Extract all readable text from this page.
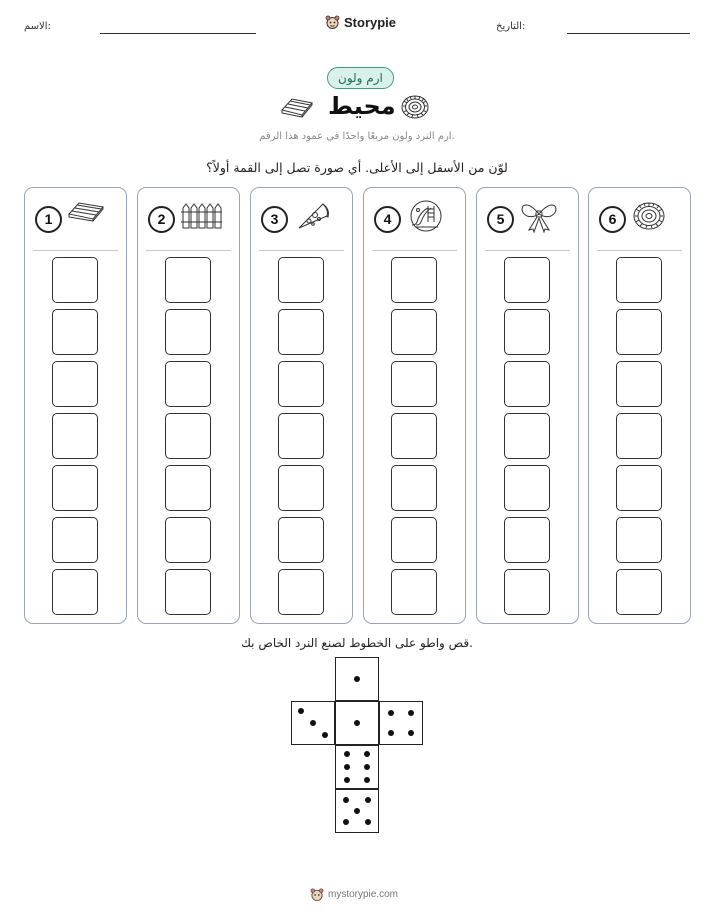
الاسم:	Storypie	التاريخ:
ارم ولون
محيط
ارم النرد ولون مربعًا واحدًا في عمود هذا الرقم.
لوّن من الأسفل إلى الأعلى. أي صورة تصل إلى القمة أولاً؟
1	2	3	4	5	6
قص واطو على الخطوط لصنع النرد الخاص بك.
mystorypie.com
